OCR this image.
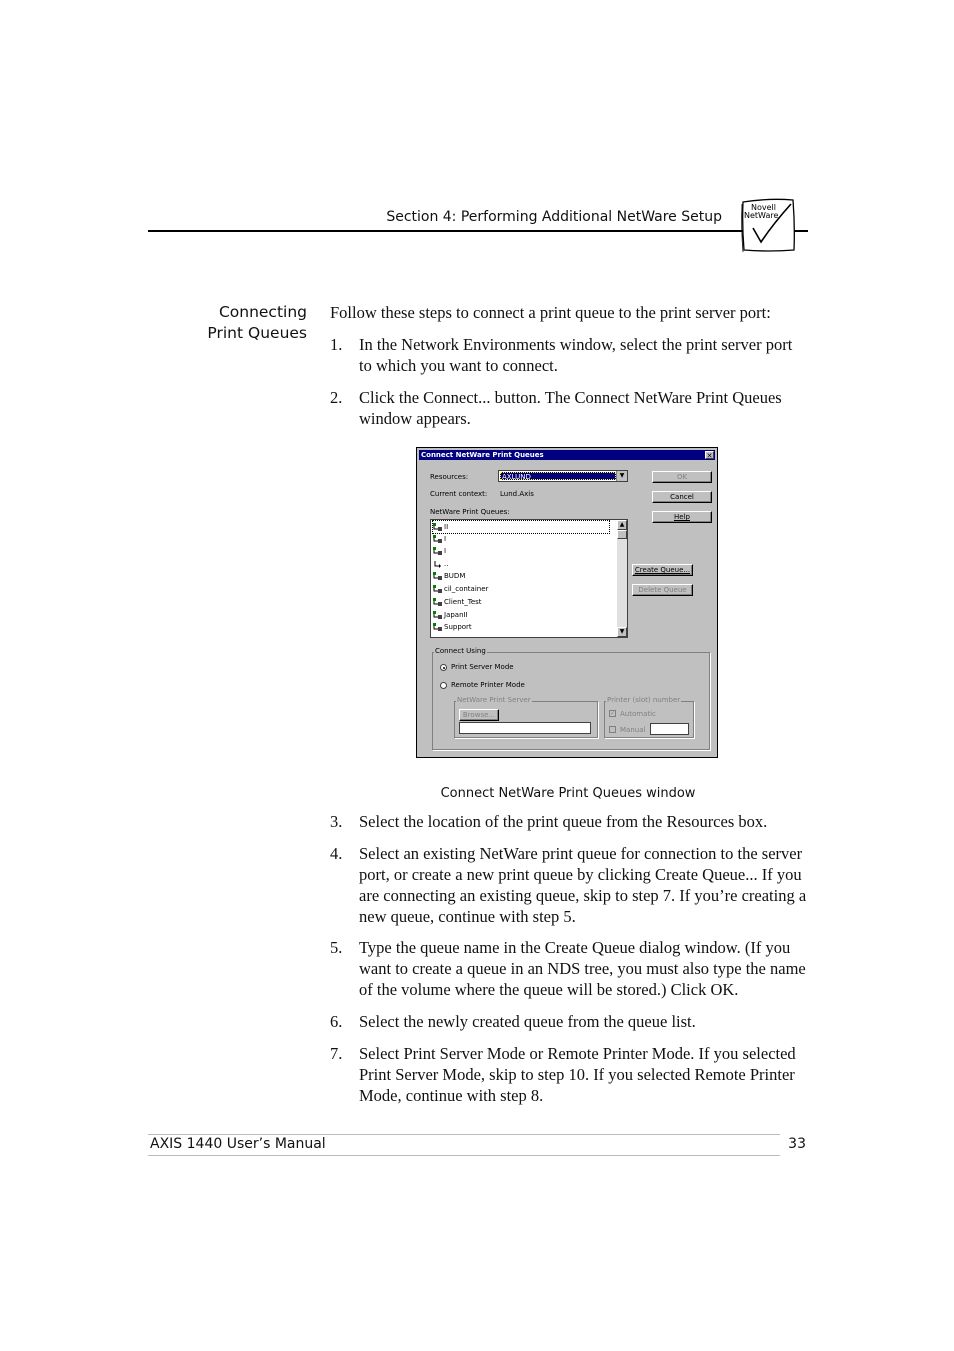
Section 4: Performing Additional NetWare Setup
Novell
NetWare
Connecting
Print Queues
Follow these steps to connect a print queue to the print server port:
1. In the Network Environments window, select the print server port to which you want to connect.
2. Click the Connect... button. The Connect NetWare Print Queues window appears.
Connect NetWare Print Queues	✕
Resources:	AXLUND	▼
Current context: Lund.Axis
NetWare Print Queues:
II
I
I
..
BUDM
cil_container
Client_Test
JapanII
Support
▲
▼
OK
Cancel
Help
Create Queue...
Delete Queue
Connect Using
Print Server Mode
Remote Printer Mode
NetWare Print Server
Browse...
Printer (slot) number
✓ Automatic
Manual
Connect NetWare Print Queues window
3. Select the location of the print queue from the Resources box.
4. Select an existing NetWare print queue for connection to the server port, or create a new print queue by clicking Create Queue... If you are connecting an existing queue, skip to step 7. If you’re creating a new queue, continue with step 5.
5. Type the queue name in the Create Queue dialog window. (If you want to create a queue in an NDS tree, you must also type the name of the volume where the queue will be stored.) Click OK.
6. Select the newly created queue from the queue list.
7. Select Print Server Mode or Remote Printer Mode. If you selected Print Server Mode, skip to step 10. If you selected Remote Printer Mode, continue with step 8.
AXIS 1440 User’s Manual	33
